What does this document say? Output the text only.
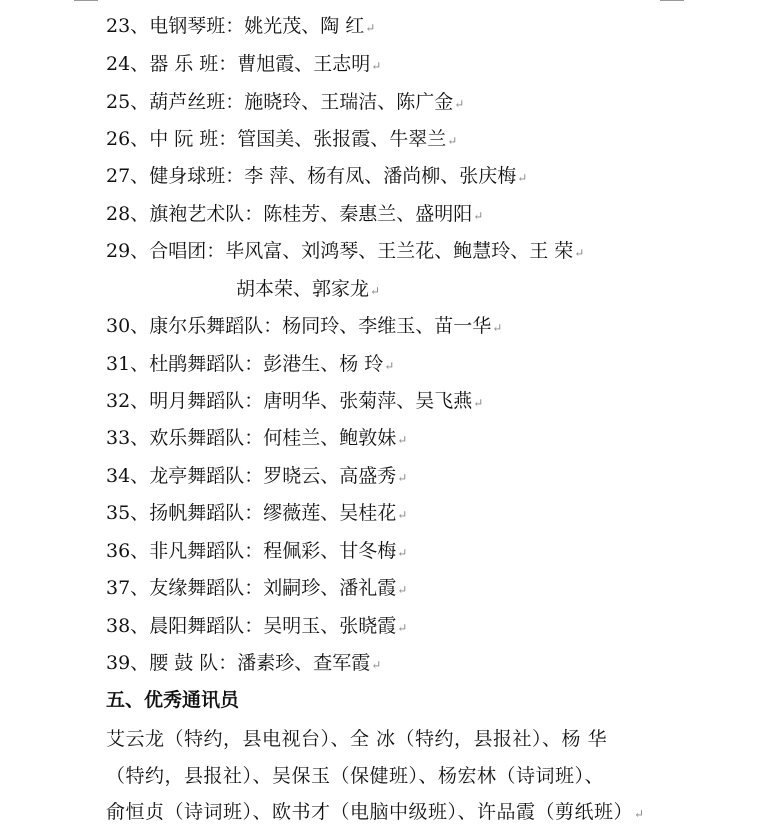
23、电钢琴班：姚光茂、陶 红↵
24、器 乐 班：曹旭霞、王志明↵
25、葫芦丝班：施晓玲、王瑞洁、陈广金↵
26、中 阮 班：管国美、张报霞、牛翠兰↵
27、健身球班：李 萍、杨有凤、潘尚柳、张庆梅↵
28、旗袍艺术队：陈桂芳、秦惠兰、盛明阳↵
29、合唱团：毕风富、刘鸿琴、王兰花、鲍慧玲、王 荣↵
胡本荣、郭家龙↵
30、康尔乐舞蹈队：杨同玲、李维玉、苗一华↵
31、杜鹃舞蹈队：彭港生、杨 玲↵
32、明月舞蹈队：唐明华、张菊萍、吴飞燕↵
33、欢乐舞蹈队：何桂兰、鲍敦妹↵
34、龙亭舞蹈队：罗晓云、高盛秀↵
35、扬帆舞蹈队：缪薇莲、吴桂花↵
36、非凡舞蹈队：程佩彩、甘冬梅↵
37、友缘舞蹈队：刘嗣珍、潘礼霞↵
38、晨阳舞蹈队：吴明玉、张晓霞↵
39、腰 鼓 队：潘素珍、查军霞↵
五、优秀通讯员
艾云龙（特约，县电视台）、全 冰（特约，县报社）、杨 华
（特约，县报社）、吴保玉（保健班）、杨宏林（诗词班）、
俞恒贞（诗词班）、欧书才（电脑中级班）、许品霞（剪纸班）↵
